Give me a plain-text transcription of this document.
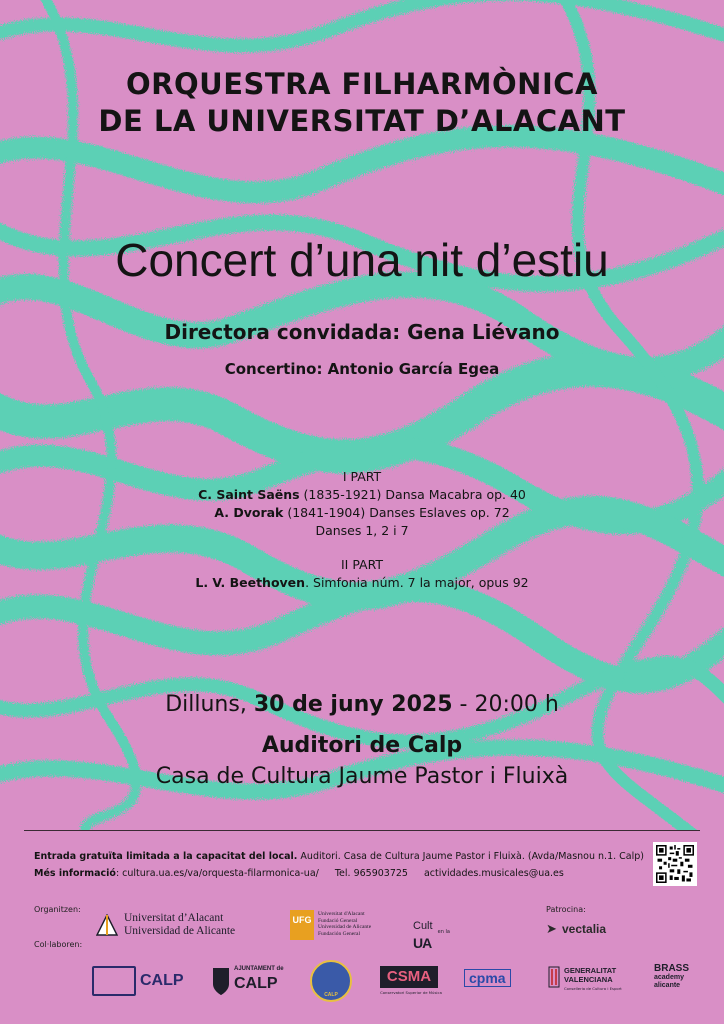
ORQUESTRA FILHARMÒNICA
DE LA UNIVERSITAT D’ALACANT
Concert d’una nit d’estiu
Directora convidada: Gena Liévano
Concertino: Antonio García Egea
I PART
C. Saint Saëns (1835-1921) Dansa Macabra op. 40
A. Dvorak (1841-1904) Danses Eslaves op. 72
Danses 1, 2 i 7
II PART
L. V. Beethoven. Simfonia núm. 7 la major, opus 92
Dilluns, 30 de juny 2025 - 20:00 h
Auditori de Calp
Casa de Cultura Jaume Pastor i Fluixà
Entrada gratuïta limitada a la capacitat del local. Auditori. Casa de Cultura Jaume Pastor i Fluixà. (Avda/Masnou n.1. Calp)
Més informació: cultura.ua.es/va/orquesta-filarmonica-ua/ Tel. 965903725 actividades.musicales@ua.es
Organitzen:	Patrocina:
Col·laboren:
Universitat d’Alacant
Universidad de Alicante
UFG
Universitat d'Alacant
Fundació General
Universidad de Alicante
Fundación General
Cult $_{en la}$ UA
➤ vectalia
CALP
AJUNTAMENT de
CALP
CALP
CSMA
Conservatori Superior de Música
cpma	GENERALITAT
VALENCIANA
Conselleria de Cultura i Esport
BRASS
academy
alicante
